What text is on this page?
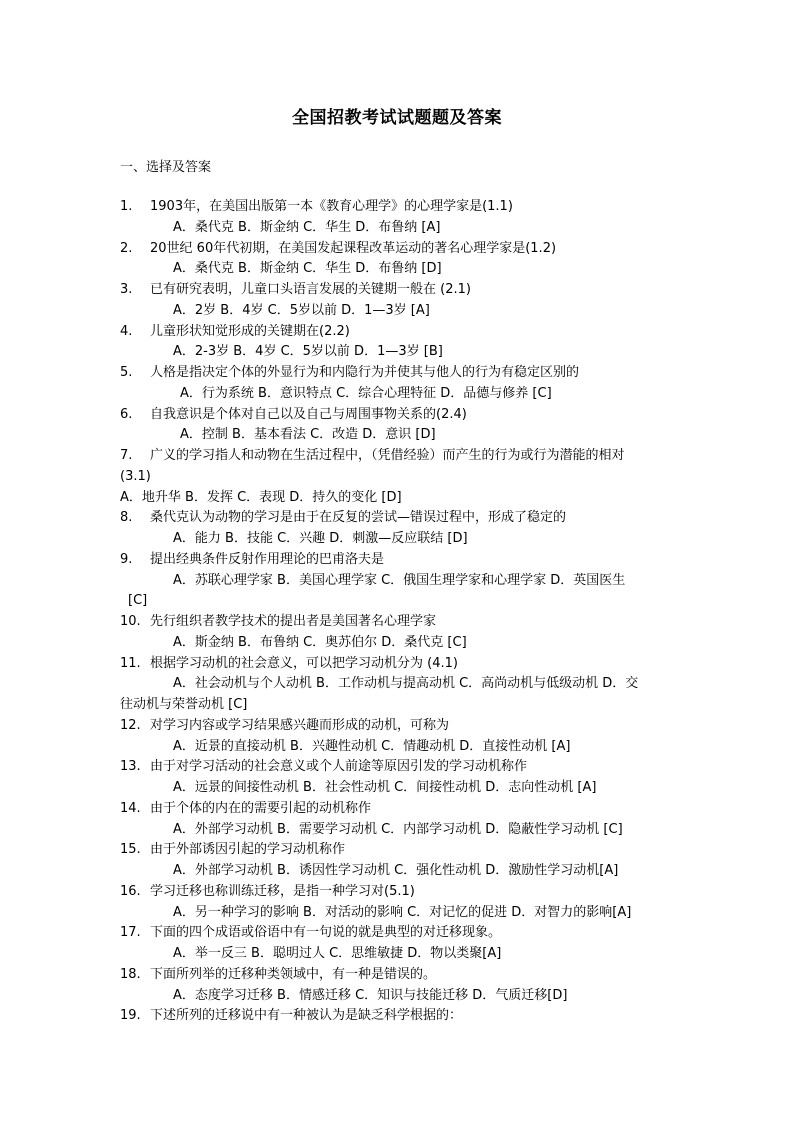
全国招教考试试题题及答案
一、选择及答案
1.	1903年，在美国出版第一本《教育心理学》的心理学家是(1.1)
A．桑代克 B．斯金纳 C．华生 D．布鲁纳 [A]
2.	20世纪 60年代初期，在美国发起课程改革运动的著名心理学家是(1.2)
A．桑代克 B．斯金纳 C．华生 D．布鲁纳 [D]
3.	已有研究表明，儿童口头语言发展的关键期一般在 (2.1)
A．2岁 B．4岁 C．5岁以前 D．1—3岁 [A]
4.	儿童形状知觉形成的关键期在(2.2)
A．2-3岁 B．4岁 C．5岁以前 D．1—3岁 [B]
5.	人格是指决定个体的外显行为和内隐行为并使其与他人的行为有稳定区别的
A．行为系统 B．意识特点 C．综合心理特征 D．品德与修养 [C]
6.	自我意识是个体对自己以及自己与周围事物关系的(2.4)
A．控制 B．基本看法 C．改造 D．意识 [D]
7.	广义的学习指人和动物在生活过程中，（凭借经验）而产生的行为或行为潜能的相对
(3.1)
A．地升华 B．发挥 C．表现 D．持久的变化 [D]
8.	桑代克认为动物的学习是由于在反复的尝试—错误过程中，形成了稳定的
A．能力 B．技能 C．兴趣 D．刺激—反应联结 [D]
9.	提出经典条件反射作用理论的巴甫洛夫是
A．苏联心理学家 B．美国心理学家 C．俄国生理学家和心理学家 D．英国医生
[C]
10. 先行组织者教学技术的提出者是美国著名心理学家
A．斯金纳 B．布鲁纳 C．奥苏伯尔 D．桑代克 [C]
11. 根据学习动机的社会意义，可以把学习动机分为 (4.1)
A．社会动机与个人动机 B．工作动机与提高动机 C．高尚动机与低级动机 D．交
往动机与荣誉动机 [C]
12. 对学习内容或学习结果感兴趣而形成的动机，可称为
A．近景的直接动机 B．兴趣性动机 C．情趣动机 D．直接性动机 [A]
13. 由于对学习活动的社会意义或个人前途等原因引发的学习动机称作
A．远景的间接性动机 B．社会性动机 C．间接性动机 D．志向性动机 [A]
14. 由于个体的内在的需要引起的动机称作
A．外部学习动机 B．需要学习动机 C．内部学习动机 D．隐蔽性学习动机 [C]
15. 由于外部诱因引起的学习动机称作
A．外部学习动机 B．诱因性学习动机 C．强化性动机 D．激励性学习动机[A]
16. 学习迁移也称训练迁移，是指一种学习对(5.1)
A．另一种学习的影响 B．对活动的影响 C．对记忆的促进 D．对智力的影响[A]
17. 下面的四个成语或俗语中有一句说的就是典型的对迁移现象。
A．举一反三 B．聪明过人 C．思维敏捷 D．物以类聚[A]
18. 下面所列举的迁移种类领域中，有一种是错误的。
A．态度学习迁移 B．情感迁移 C．知识与技能迁移 D．气质迁移[D]
19. 下述所列的迁移说中有一种被认为是缺乏科学根据的：
